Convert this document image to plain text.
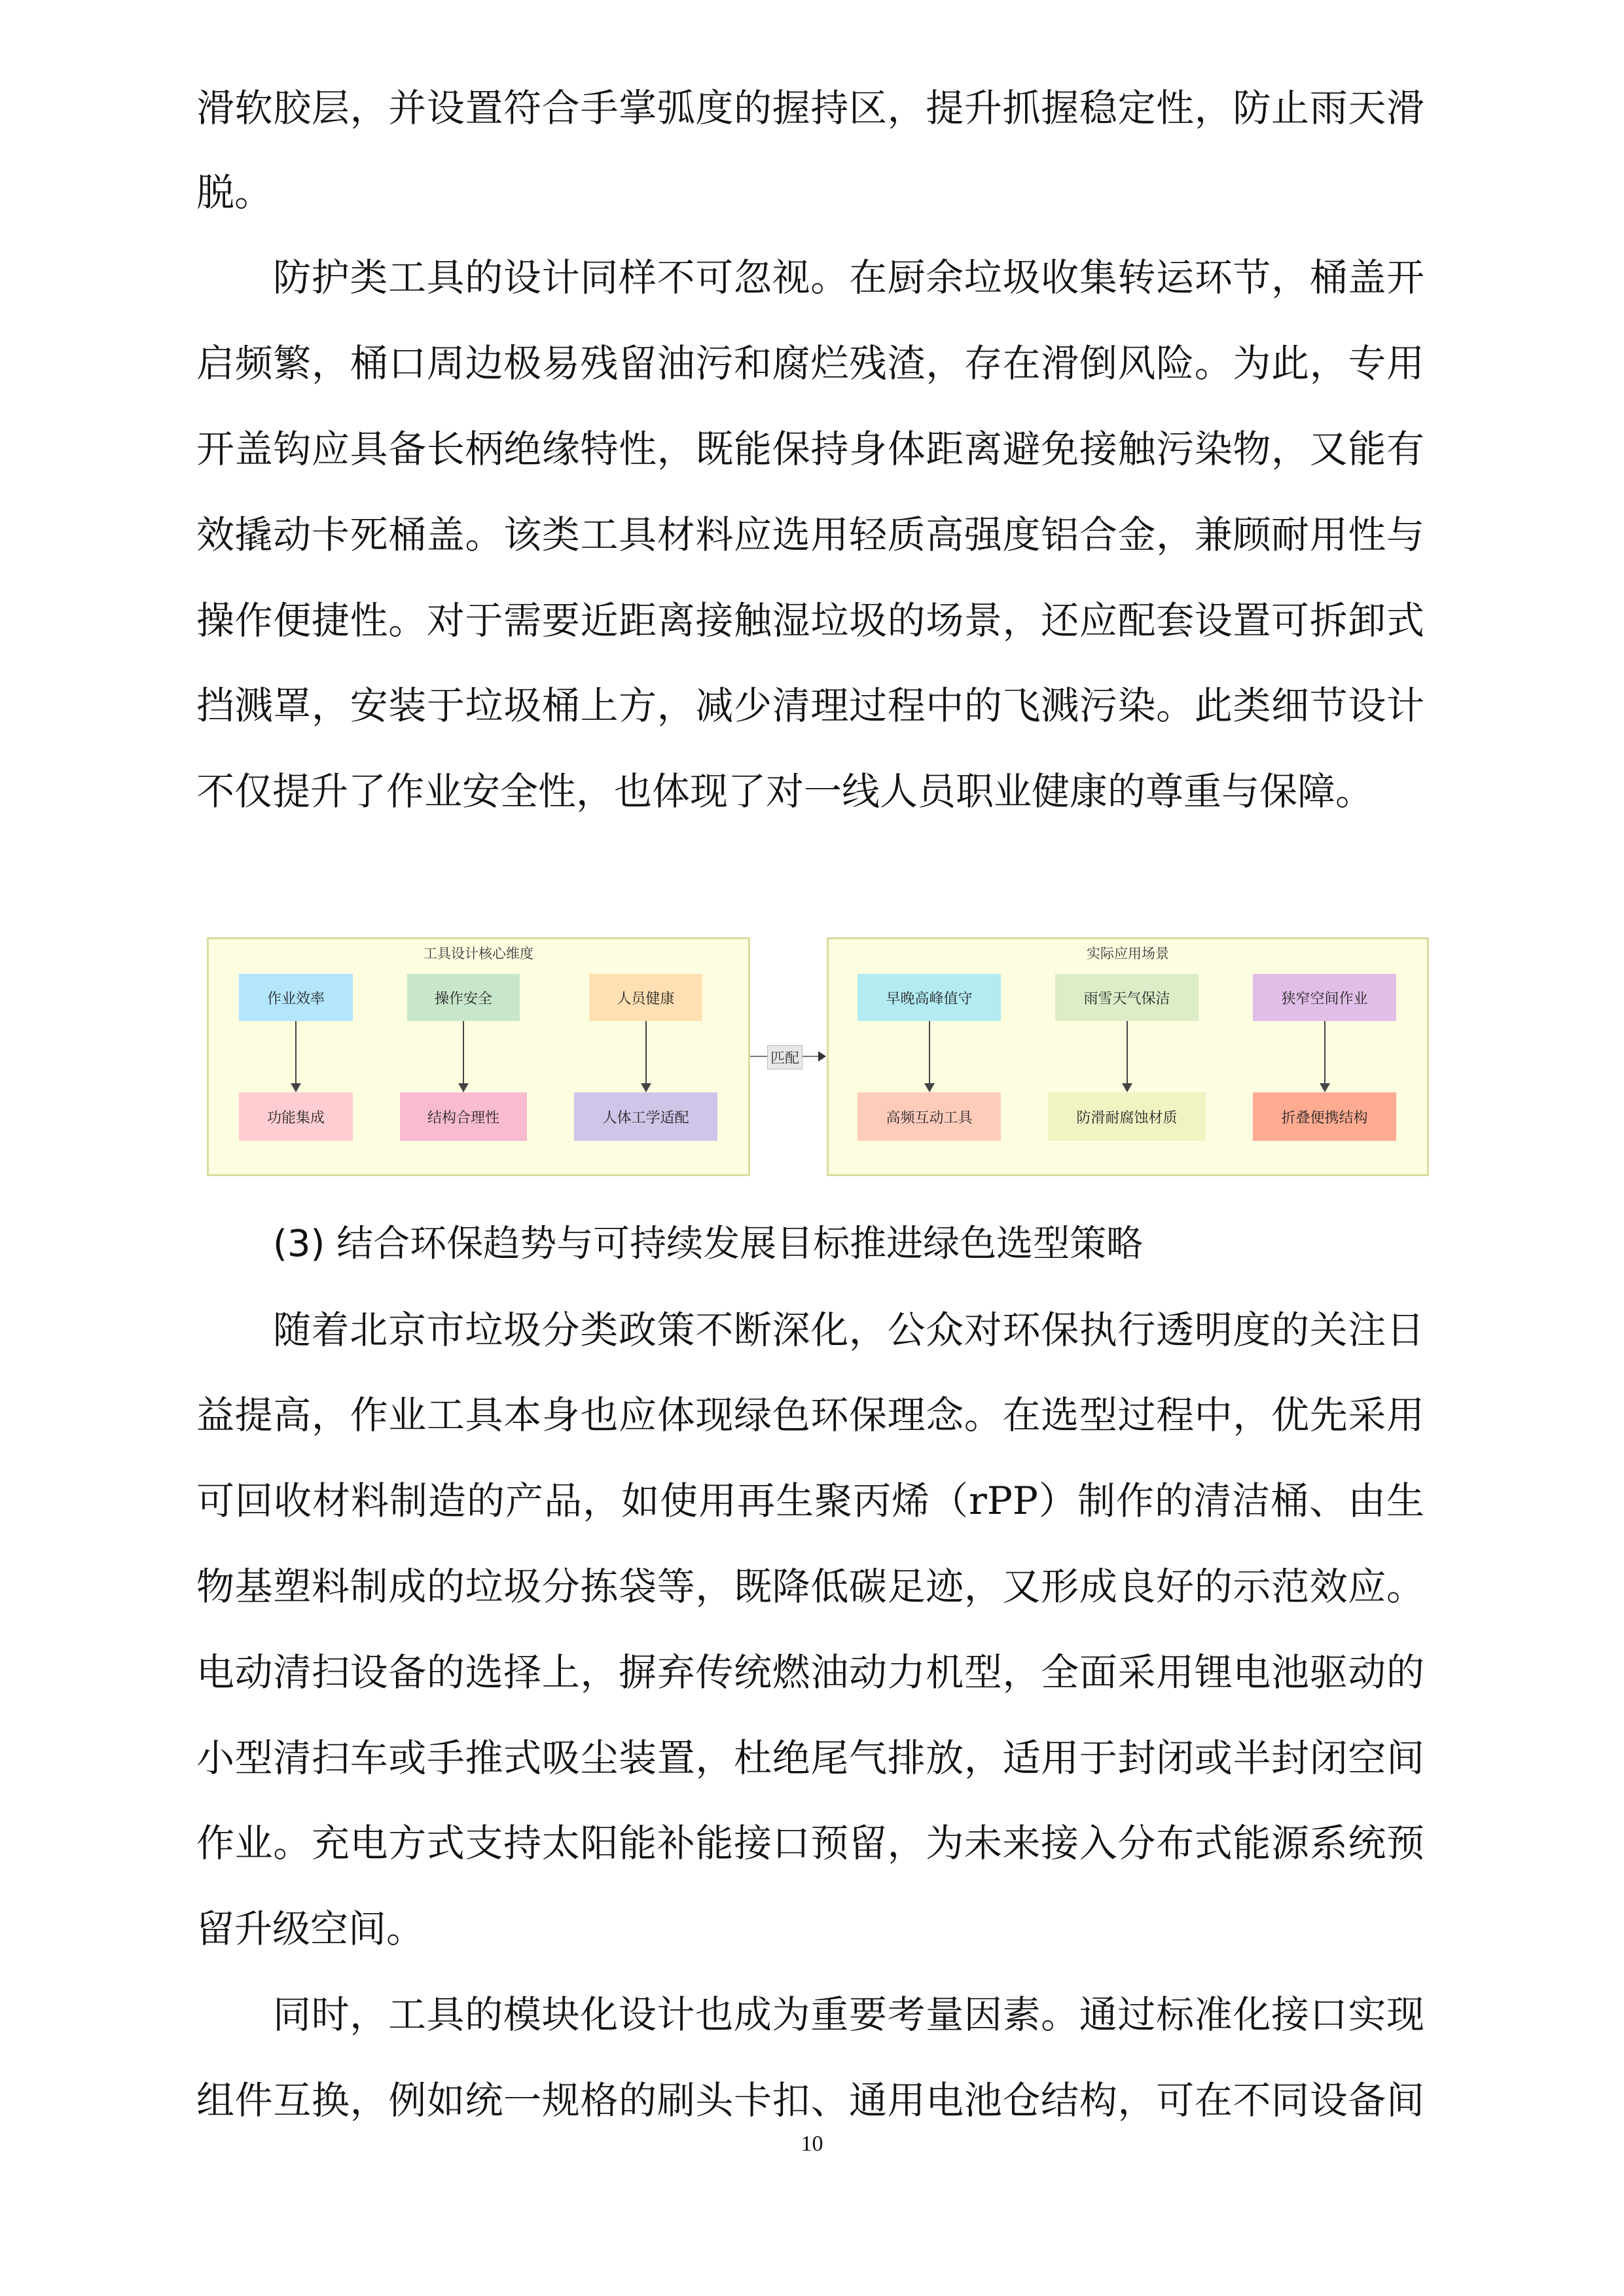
滑软胶层，并设置符合手掌弧度的握持区，提升抓握稳定性，防止雨天滑
脱。
防护类工具的设计同样不可忽视。在厨余垃圾收集转运环节，桶盖开
启频繁，桶口周边极易残留油污和腐烂残渣，存在滑倒风险。为此，专用
开盖钩应具备长柄绝缘特性，既能保持身体距离避免接触污染物，又能有
效撬动卡死桶盖。该类工具材料应选用轻质高强度铝合金，兼顾耐用性与
操作便捷性。对于需要近距离接触湿垃圾的场景，还应配套设置可拆卸式
挡溅罩，安装于垃圾桶上方，减少清理过程中的飞溅污染。此类细节设计
不仅提升了作业安全性，也体现了对一线人员职业健康的尊重与保障。
工具设计核心维度	实际应用场景
作业效率	操作安全	人员健康
功能集成	结构合理性	人体工学适配
匹配
早晚高峰值守	雨雪天气保洁	狭窄空间作业
高频互动工具	防滑耐腐蚀材质	折叠便携结构
(3) 结合环保趋势与可持续发展目标推进绿色选型策略
随着北京市垃圾分类政策不断深化，公众对环保执行透明度的关注日
益提高，作业工具本身也应体现绿色环保理念。在选型过程中，优先采用
可回收材料制造的产品，如使用再生聚丙烯（rPP）制作的清洁桶、由生
物基塑料制成的垃圾分拣袋等，既降低碳足迹，又形成良好的示范效应。
电动清扫设备的选择上，摒弃传统燃油动力机型，全面采用锂电池驱动的
小型清扫车或手推式吸尘装置，杜绝尾气排放，适用于封闭或半封闭空间
作业。充电方式支持太阳能补能接口预留，为未来接入分布式能源系统预
留升级空间。
同时，工具的模块化设计也成为重要考量因素。通过标准化接口实现
组件互换，例如统一规格的刷头卡扣、通用电池仓结构，可在不同设备间
10
